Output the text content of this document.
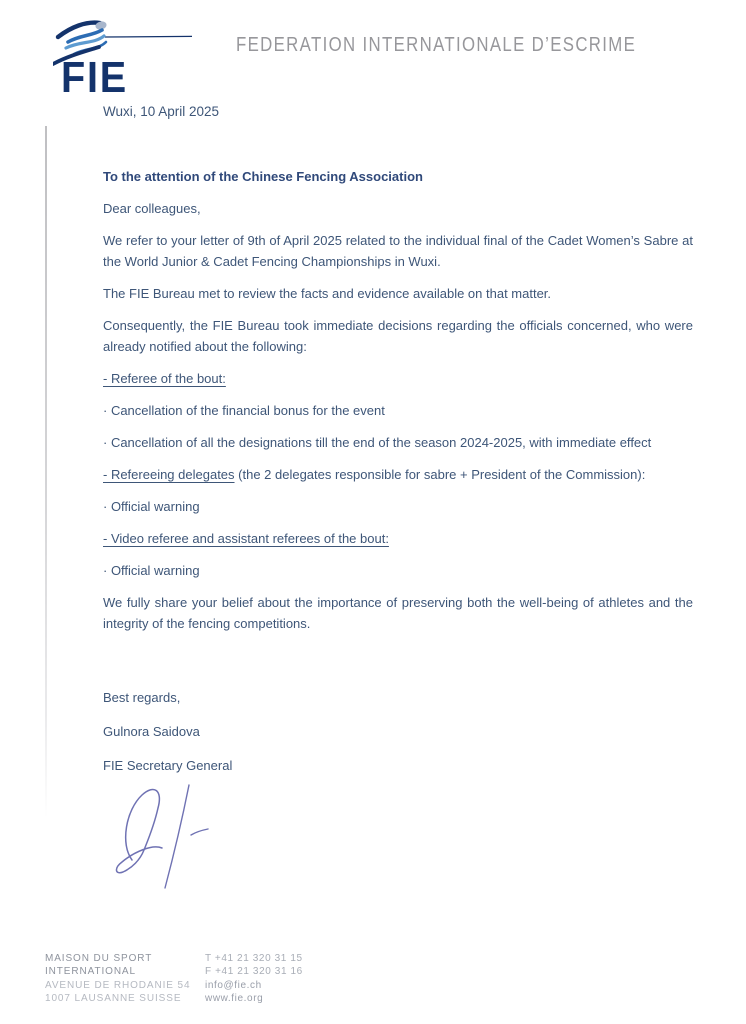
FIE
FEDERATION INTERNATIONALE D’ESCRIME
Wuxi, 10 April 2025

To the attention of the Chinese Fencing Association

Dear colleagues,

We refer to your letter of 9th of April 2025 related to the individual final of the Cadet Women’s Sabre at the World Junior & Cadet Fencing Championships in Wuxi.

The FIE Bureau met to review the facts and evidence available on that matter.

Consequently, the FIE Bureau took immediate decisions regarding the officials concerned, who were already notified about the following:

- Referee of the bout:

· Cancellation of the financial bonus for the event

· Cancellation of all the designations till the end of the season 2024-2025, with immediate effect

- Refereeing delegates (the 2 delegates responsible for sabre + President of the Commission):

· Official warning

- Video referee and assistant referees of the bout:

· Official warning

We fully share your belief about the importance of preserving both the well-being of athletes and the integrity of the fencing competitions.

Best regards,

Gulnora Saidova

FIE Secretary General

MAISON DU SPORT
INTERNATIONAL
AVENUE DE RHODANIE 54
1007 LAUSANNE SUISSE
T +41 21 320 31 15
F +41 21 320 31 16
info@fie.ch
www.fie.org
